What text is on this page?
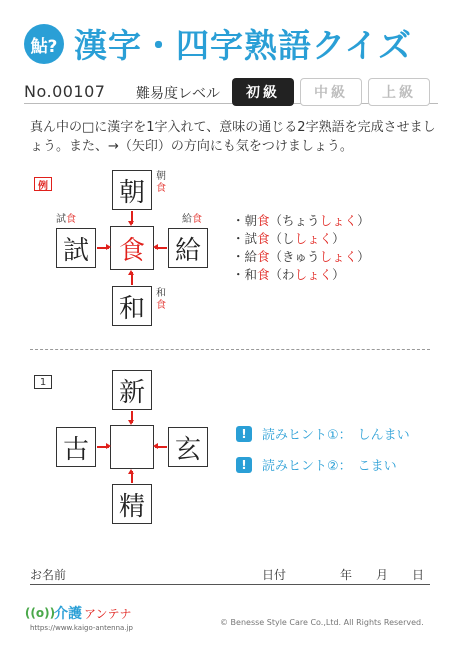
鮎? 漢字・四字熟語クイズ
No.00107 難易度レベル	初級	中級	上級
真ん中の□に漢字を1字入れて、意味の通じる2字熟語を完成させましょう。また、→（矢印）の方向にも気をつけましょう。
例	朝
試	食	給
和
朝
食
試食	給食
和
食
・朝食（ちょうしょく）
・試食（ししょく）
・給食（きゅうしょく）
・和食（わしょく）
1	新
古	玄
精
!	読みヒント①： しんまい
!	読みヒント②： こまい
お名前	日付	年 月 日
((o))
介護 アンテナ
https://www.kaigo-antenna.jp
© Benesse Style Care Co.,Ltd. All Rights Reserved.
